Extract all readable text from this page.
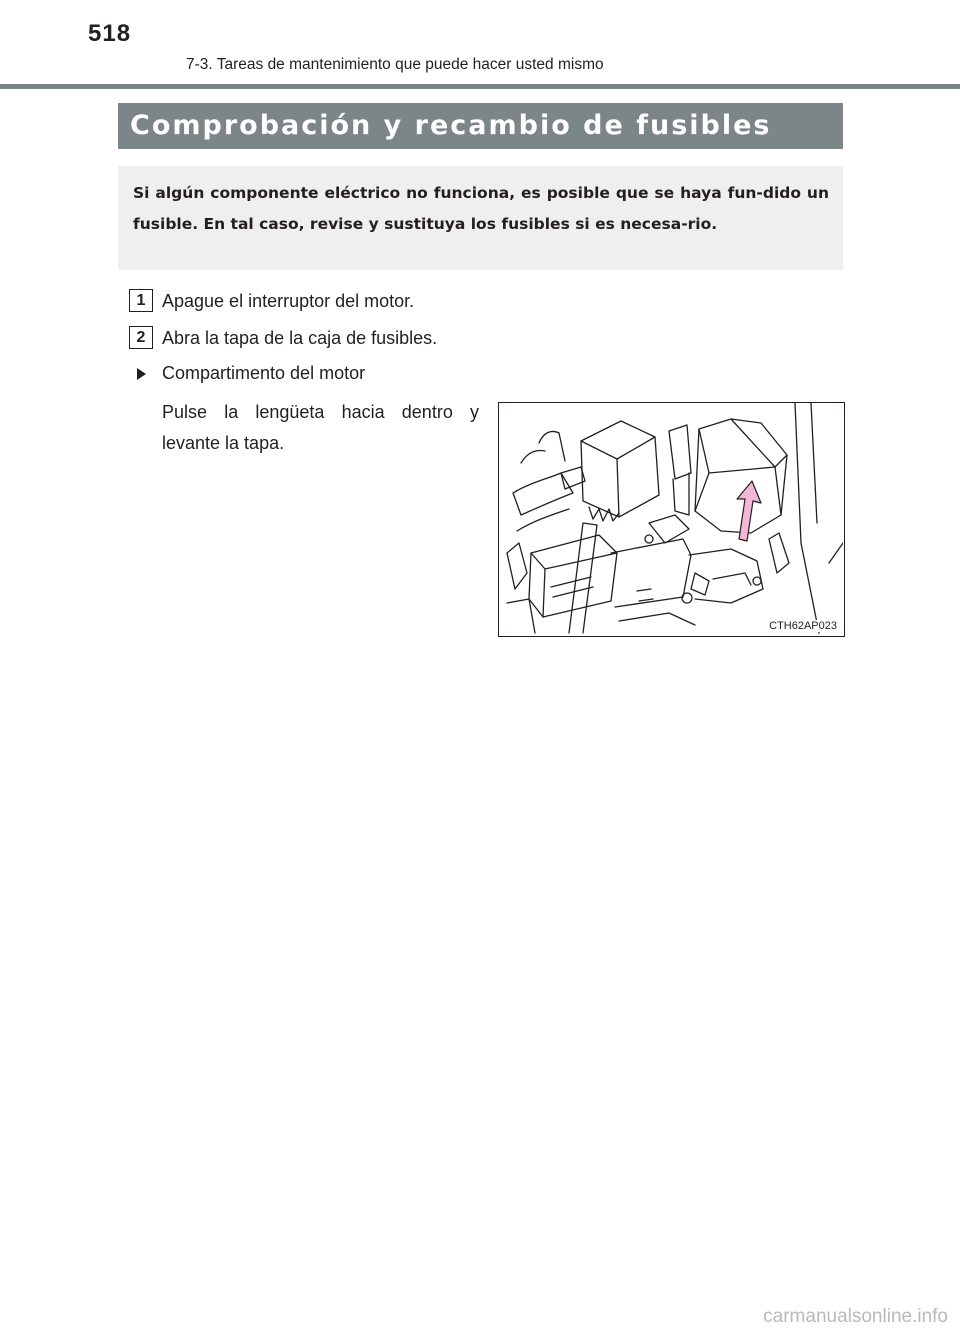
518
7-3. Tareas de mantenimiento que puede hacer usted mismo
Comprobación y recambio de fusibles

Si algún componente eléctrico no funciona, es posible que se haya fun-dido un fusible. En tal caso, revise y sustituya los fusibles si es necesa-rio.

1 Apague el interruptor del motor.
2 Abra la tapa de la caja de fusibles.
Compartimento del motor

Pulse la lengüeta hacia dentro y levante la tapa.

CTH62AP023
carmanualsonline.info
